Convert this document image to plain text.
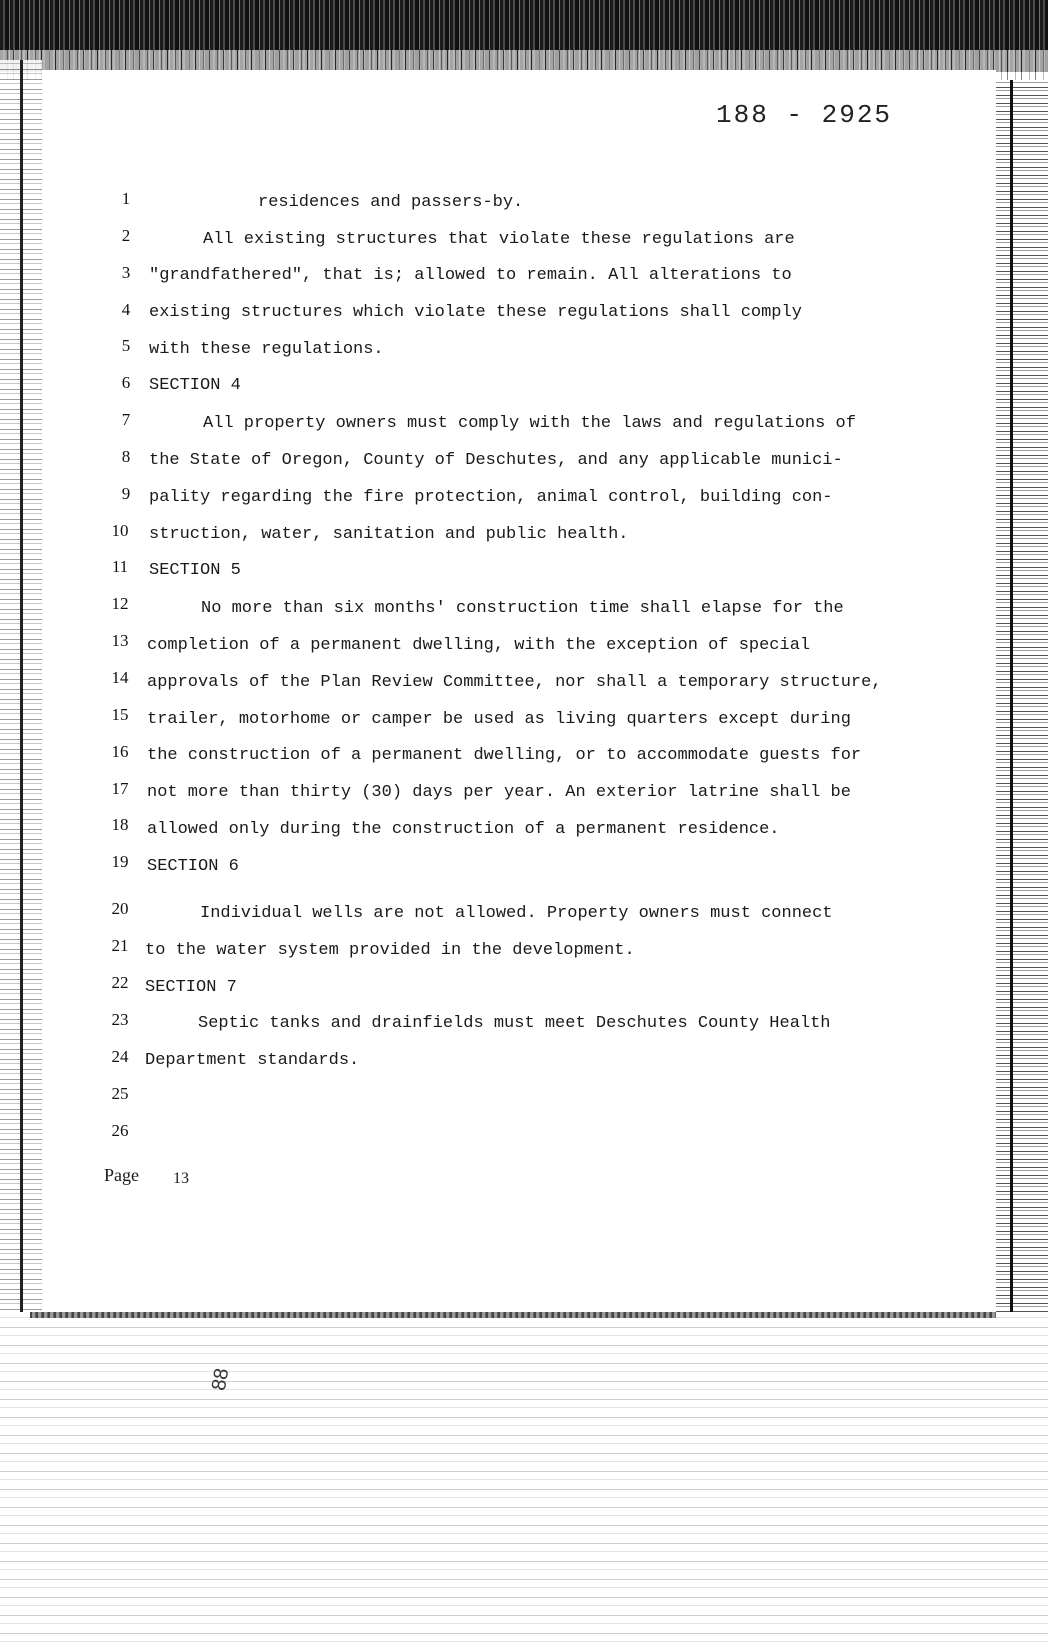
188 - 2925
1	residences and passers-by.
2	All existing structures that violate these regulations are
3	"grandfathered", that is; allowed to remain. All alterations to
4	existing structures which violate these regulations shall comply
5	with these regulations.
6	SECTION 4
7	All property owners must comply with the laws and regulations of
8	the State of Oregon, County of Deschutes, and any applicable munici-
9	pality regarding the fire protection, animal control, building con-
10 struction, water, sanitation and public health.
11 SECTION 5
12	No more than six months' construction time shall elapse for the
13 completion of a permanent dwelling, with the exception of special
14 approvals of the Plan Review Committee, nor shall a temporary structure,
15 trailer, motorhome or camper be used as living quarters except during
16 the construction of a permanent dwelling, or to accommodate guests for
17 not more than thirty (30) days per year. An exterior latrine shall be
18 allowed only during the construction of a permanent residence.
19 SECTION 6
20	Individual wells are not allowed. Property owners must connect
21 to the water system provided in the development.
22 SECTION 7
23	Septic tanks and drainfields must meet Deschutes County Health
24 Department standards.
25
26
Page 13
88
